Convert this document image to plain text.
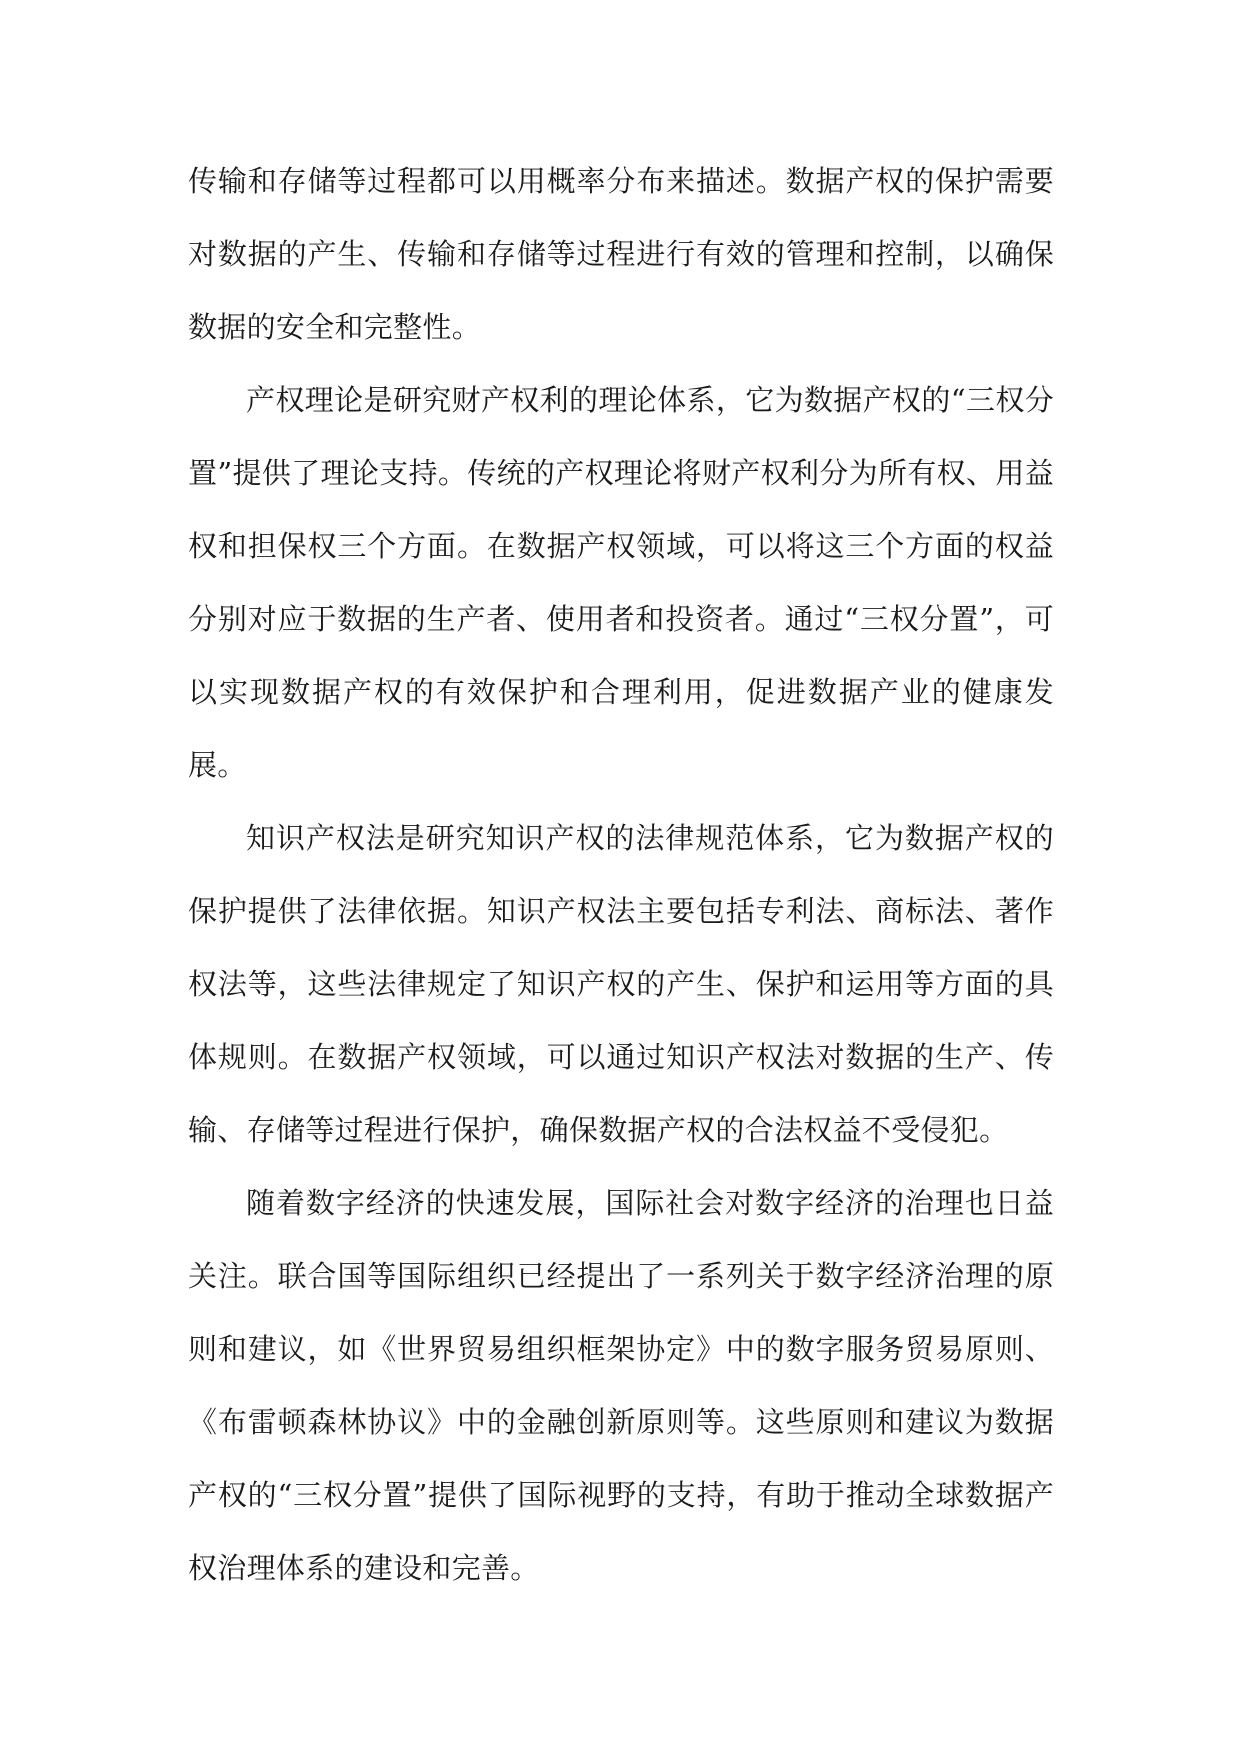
传输和存储等过程都可以用概率分布来描述。数据产权的保护需要对数据的产生、传输和存储等过程进行有效的管理和控制，以确保数据的安全和完整性。

产权理论是研究财产权利的理论体系，它为数据产权的“三权分置”提供了理论支持。传统的产权理论将财产权利分为所有权、用益权和担保权三个方面。在数据产权领域，可以将这三个方面的权益分别对应于数据的生产者、使用者和投资者。通过“三权分置”，可以实现数据产权的有效保护和合理利用，促进数据产业的健康发展。

知识产权法是研究知识产权的法律规范体系，它为数据产权的保护提供了法律依据。知识产权法主要包括专利法、商标法、著作权法等，这些法律规定了知识产权的产生、保护和运用等方面的具体规则。在数据产权领域，可以通过知识产权法对数据的生产、传输、存储等过程进行保护，确保数据产权的合法权益不受侵犯。

随着数字经济的快速发展，国际社会对数字经济的治理也日益关注。联合国等国际组织已经提出了一系列关于数字经济治理的原则和建议，如《世界贸易组织框架协定》中的数字服务贸易原则、《布雷顿森林协议》中的金融创新原则等。这些原则和建议为数据产权的“三权分置”提供了国际视野的支持，有助于推动全球数据产权治理体系的建设和完善。
